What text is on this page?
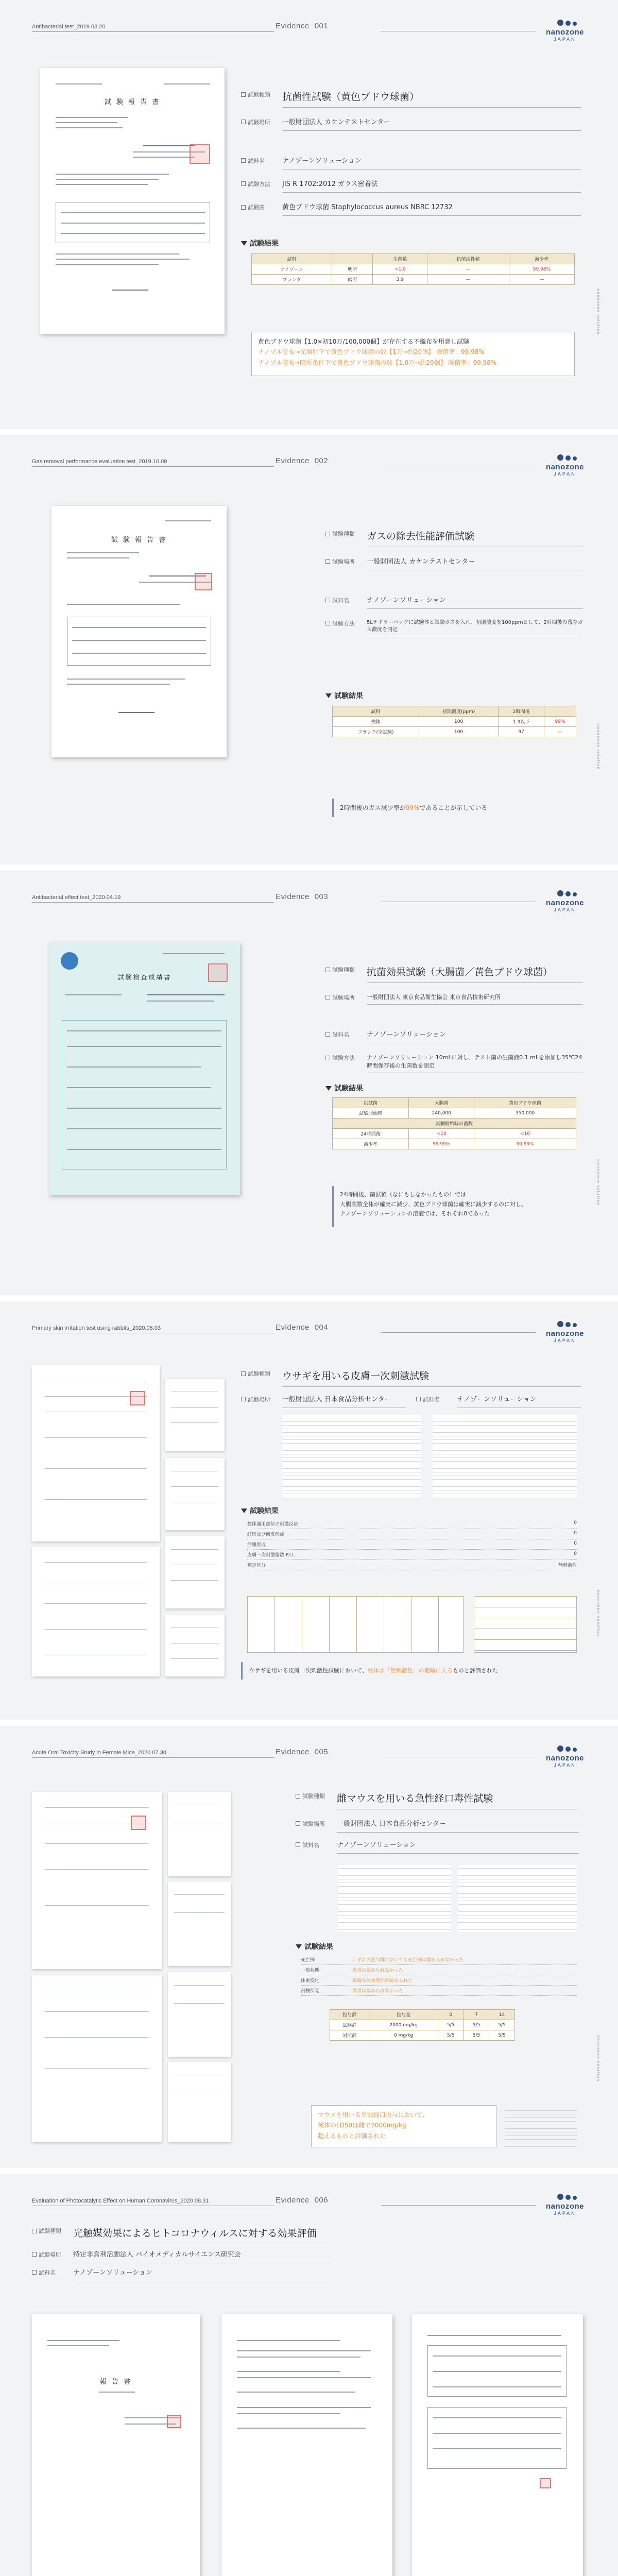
Antibacterial test_2019.08.20	Evidence 001
nanozone
JAPAN
nanozone solution
試 験 報 告 書
試験種類	抗菌性試験（黄色ブドウ球菌）
試験場所	一般財団法人 カケンテストセンター
試料名	ナノゾーンソリューション
試験方法	JIS R 1702:2012 ガラス密着法
試験菌	黄色ブドウ球菌 Staphylococcus aureus NBRC 12732
試験結果
試料		生菌数	抗菌活性値	減少率
ナノゾーン	明所	<1.0	—	99.98%
ブランク	暗所	3.9	—	—
黄色ブドウ球菌【1.0×初10万/100,000個】が存在する不織布を用意し試験
ナノゾル塗布→光照射下で黄色ブドウ球菌の数【1万→約20個】 除菌率：99.98%
ナノゾル塗布→暗所条件下で黄色ブドウ球菌の数【1.0万→約20個】 除菌率：99.98%
Gas removal performance evaluation test_2019.10.09	Evidence 002
nanozone
JAPAN
nanozone solution
試 験 報 告 書
試験種類	ガスの除去性能評価試験
試験場所	一般財団法人 カケンテストセンター
試料名	ナノゾーンソリューション
試験方法	5Lテドラーバッグに試験体と試験ガスを入れ、初期濃度を100ppmとして、2時間後の残存ガス濃度を測定
試験結果
試料	初期濃度(ppm)	2時間後	
検体	100	1.3以下	99%
ブランク(空試験)	100	97	—
2時間後のガス減少率が99%であることが示している
Antibacterial effect test_2020.04.19	Evidence 003
nanozone
JAPAN
nanozone solution
試験検査成績書
試験種類	抗菌効果試験（大腸菌／黄色ブドウ球菌）
試験場所	一般財団法人 東京食品衛生協会 東京食品技術研究所
試料名	ナノゾーンソリューション
試験方法	ナノゾーンソリューション 10mLに対し、テスト菌の生菌液0.1 mLを添加し35℃24時間保存後の生菌数を測定
試験結果
供試菌	大腸菌	黄色ブドウ球菌
試験開始時	240,000	350,000
試験開始時の菌数		
24時間後	<10	<10
減少率	99.99%	99.99%
24時間後、菌試験（なにもしなかったもの）では
大腸菌数全体が確実に減少、黄色ブドウ球菌は確実に減少するのに対し、
ナノゾーンソリューションの溶液では、それぞれ0であった
Primary skin irritation test using rabbits_2020.06.03	Evidence 004
nanozone
JAPAN
nanozone solution
試験種類	ウサギを用いる皮膚一次刺激試験
試験場所	一般財団法人 日本食品分析センター	試料名	ナノゾーンソリューション
試験結果
検体適用部位の刺激反応	0
紅斑及び痂皮形成	0
浮腫形成	0
皮膚一次刺激指数 P.I.I.	0
判定区分	無刺激性
ウサギを用いる皮膚一次刺激性試験において、検体は「無刺激性」の範疇に入るものと評価された
Acute Oral Toxicity Study in Female Mice_2020.07.30	Evidence 005
nanozone
JAPAN
nanozone solution
試験種類	雌マウスを用いる急性経口毒性試験
試験場所	一般財団法人 日本食品分析センター
試料名	ナノゾーンソリューション
試験結果
死亡例	いずれの投与群においても死亡例は認められなかった
一般状態	異常は認められなかった
体重変化	順調な体重増加が認められた
剖検所見	異常は認められなかった
投与群	投与量	0	7	14
試験群	2000 mg/kg	5/5	5/5	5/5
対照群	0 mg/kg	5/5	5/5	5/5
マウスを用いる単回経口投与において、
検体のLD50は雌で2000mg/kg
超えるものと評価された
Evaluation of Photocatalytic Effect on Human Coronavirus_2020.08.31	Evidence 006
nanozone
JAPAN
試験種類	光触媒効果によるヒトコロナウィルスに対する効果評価
試験場所	特定非営利活動法人 バイオメディカルサイエンス研究会
試料名	ナノゾーンソリューション
報 告 書
